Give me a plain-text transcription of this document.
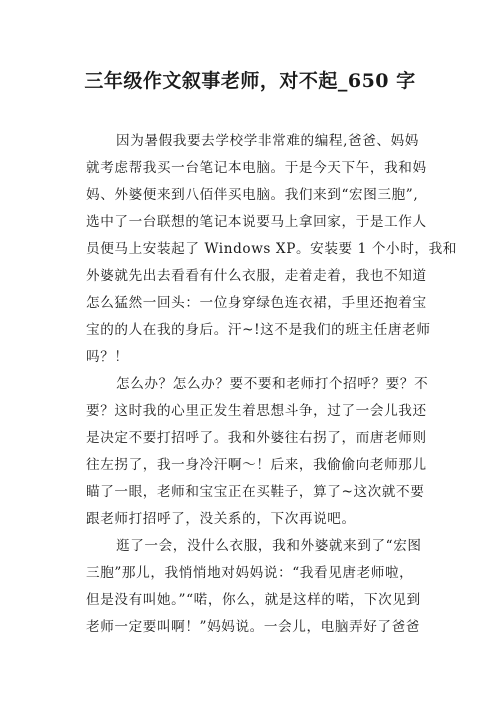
三年级作文叙事老师，对不起_650 字
因为暑假我要去学校学非常难的编程,爸爸、妈妈
就考虑帮我买一台笔记本电脑。于是今天下午，我和妈
妈、外婆便来到八佰伴买电脑。我们来到“宏图三胞”,
选中了一台联想的笔记本说要马上拿回家，于是工作人
员便马上安装起了 Windows XP。安装要 1 个小时，我和
外婆就先出去看看有什么衣服，走着走着，我也不知道
怎么猛然一回头：一位身穿绿色连衣裙，手里还抱着宝
宝的的人在我的身后。汗~!这不是我们的班主任唐老师
吗？！
怎么办？怎么办？要不要和老师打个招呼？要？不
要？这时我的心里正发生着思想斗争，过了一会儿我还
是决定不要打招呼了。我和外婆往右拐了，而唐老师则
往左拐了，我一身冷汗啊～！后来，我偷偷向老师那儿
瞄了一眼，老师和宝宝正在买鞋子，算了~这次就不要
跟老师打招呼了，没关系的，下次再说吧。
逛了一会，没什么衣服，我和外婆就来到了“宏图
三胞”那儿，我悄悄地对妈妈说：“我看见唐老师啦，
但是没有叫她。”“喏，你么，就是这样的喏，下次见到
老师一定要叫啊！”妈妈说。一会儿，电脑弄好了爸爸
